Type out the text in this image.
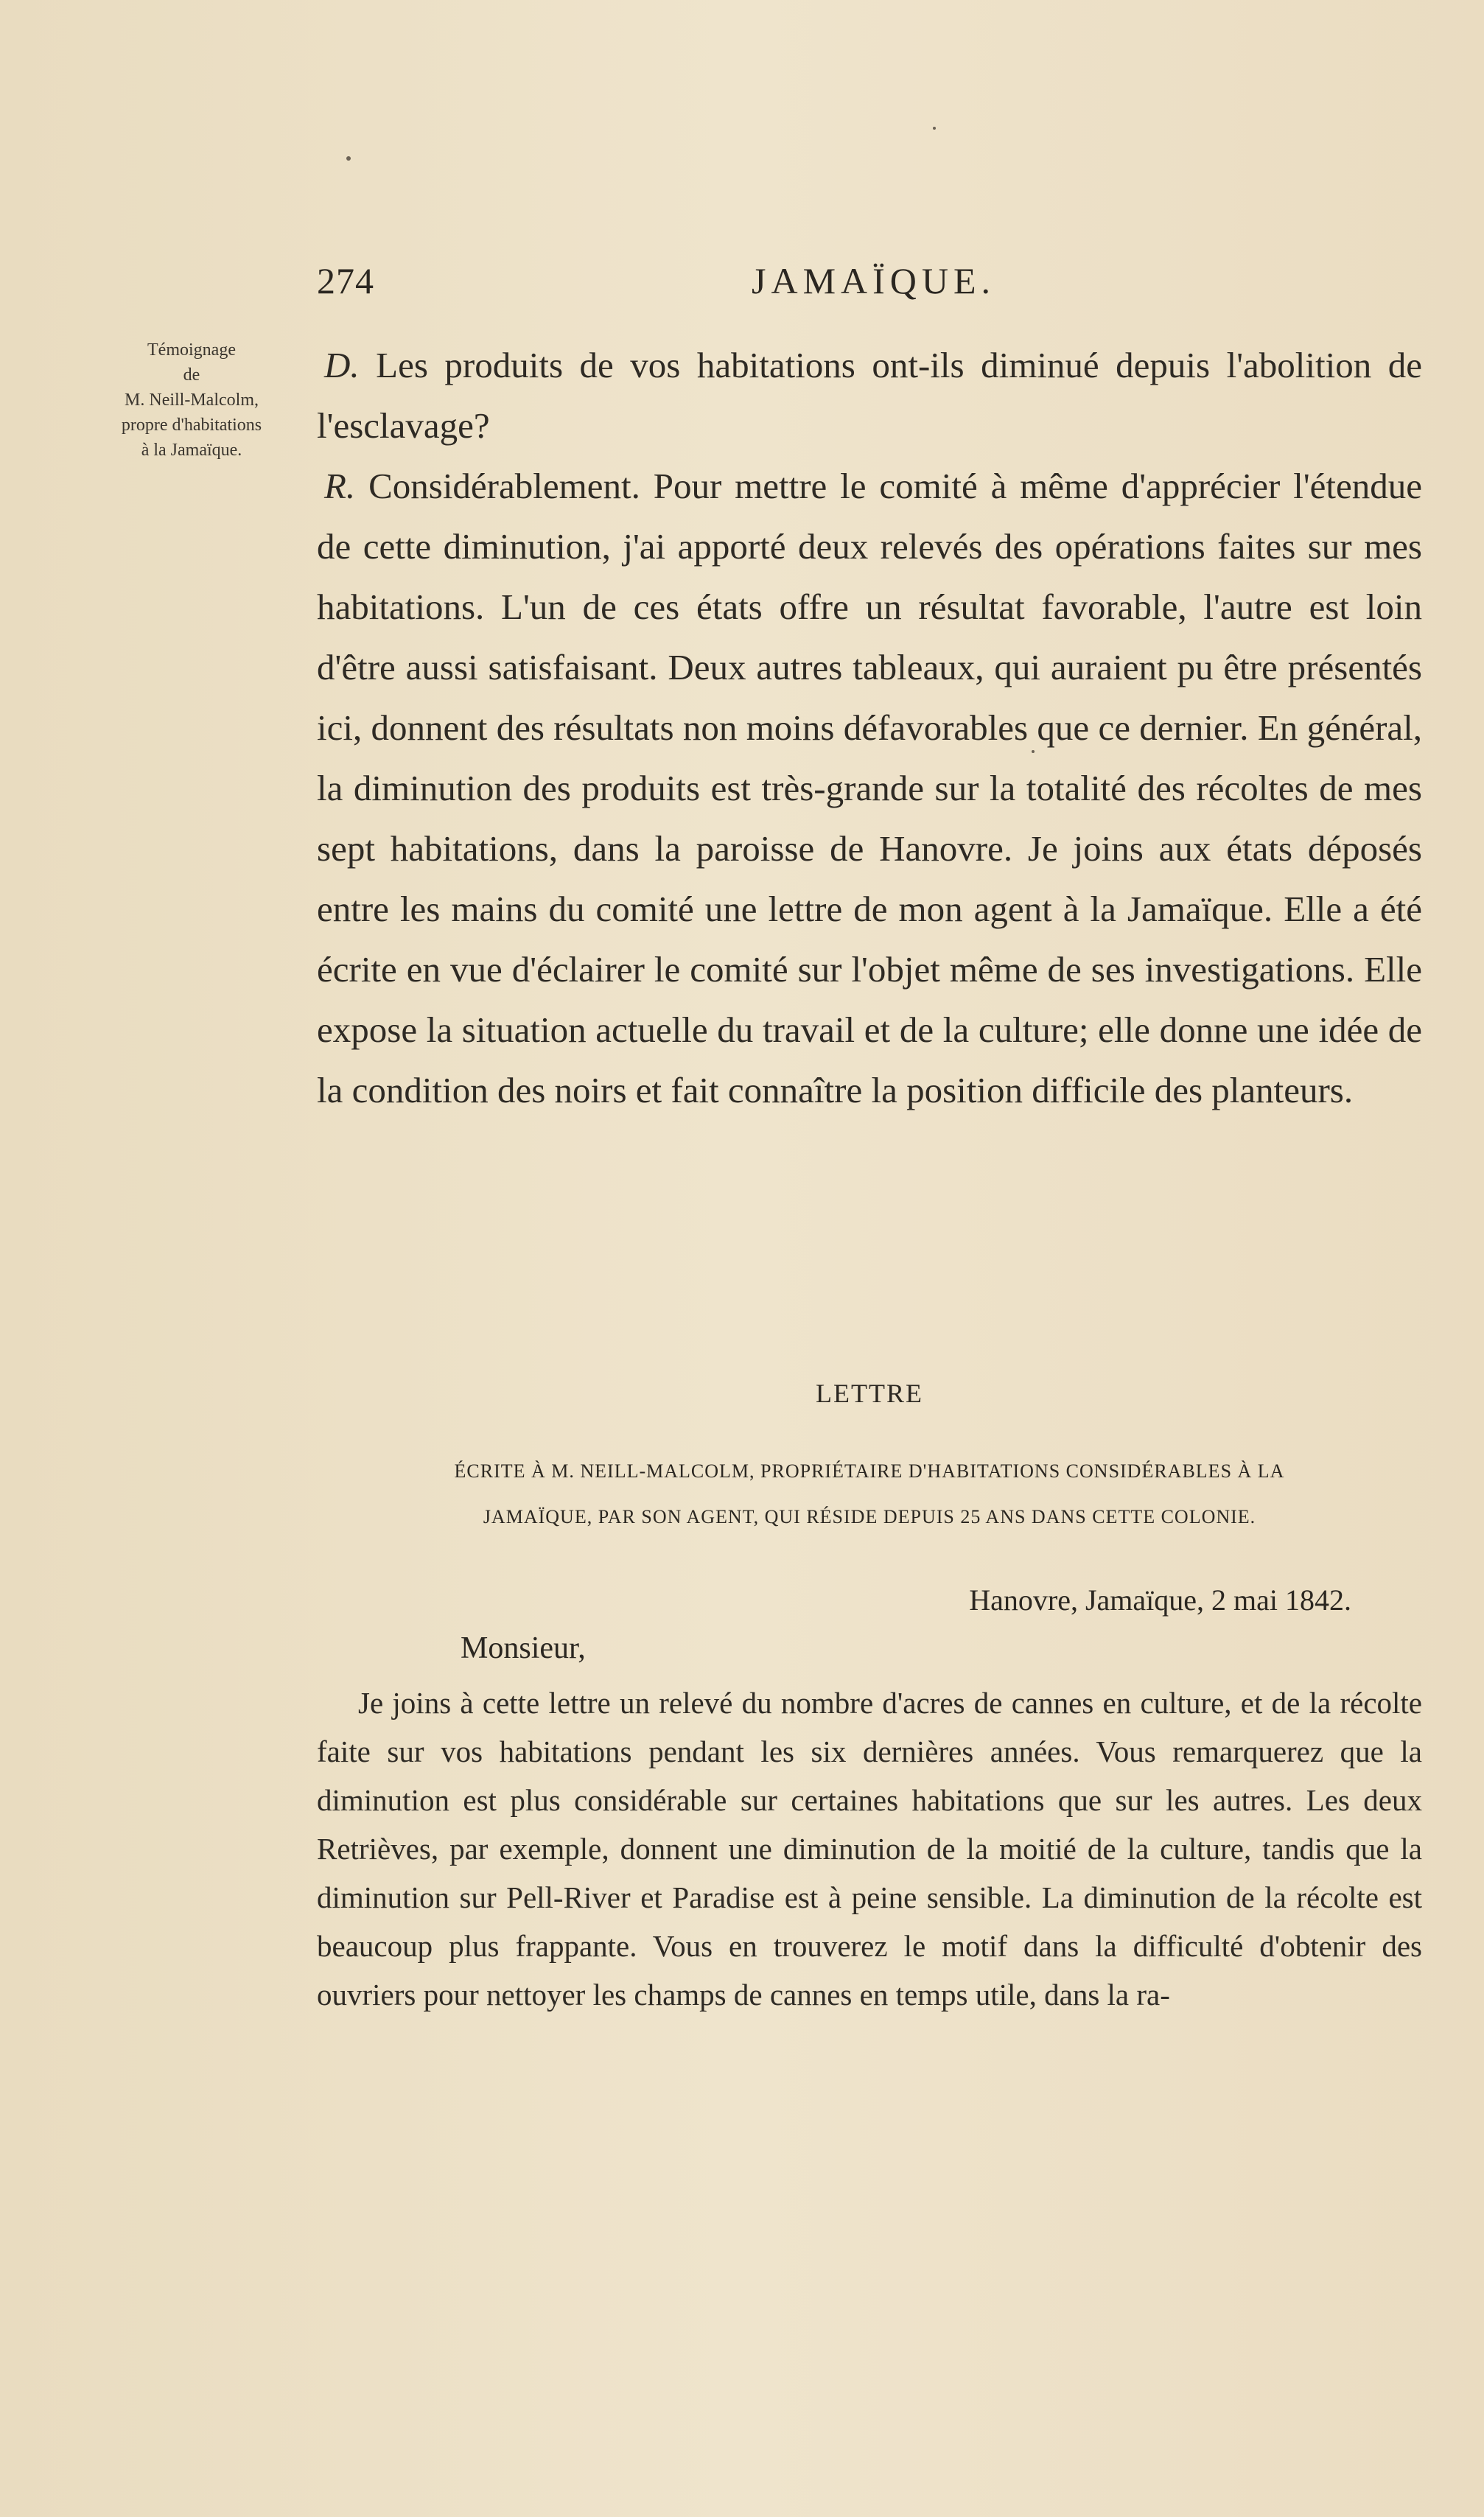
274	JAMAÏQUE.
Témoignage
de
M. Neill-Malcolm,
propre d'habitations
à la Jamaïque.

D. Les produits de vos habitations ont-ils diminué depuis l'abolition de l'esclavage?

R. Considérablement. Pour mettre le comité à même d'apprécier l'étendue de cette diminution, j'ai apporté deux relevés des opérations faites sur mes habitations. L'un de ces états offre un résultat favorable, l'autre est loin d'être aussi satisfaisant. Deux autres tableaux, qui auraient pu être présentés ici, donnent des résultats non moins défavorables que ce dernier. En général, la diminution des produits est très-grande sur la totalité des récoltes de mes sept habitations, dans la paroisse de Hanovre. Je joins aux états déposés entre les mains du comité une lettre de mon agent à la Jamaïque. Elle a été écrite en vue d'éclairer le comité sur l'objet même de ses investigations. Elle expose la situation actuelle du travail et de la culture; elle donne une idée de la condition des noirs et fait connaître la position difficile des planteurs.

LETTRE
ÉCRITE À M. NEILL-MALCOLM, PROPRIÉTAIRE D'HABITATIONS CONSIDÉRABLES À LA
JAMAÏQUE, PAR SON AGENT, QUI RÉSIDE DEPUIS 25 ANS DANS CETTE COLONIE.
Hanovre, Jamaïque, 2 mai 1842.
Monsieur,

Je joins à cette lettre un relevé du nombre d'acres de cannes en culture, et de la récolte faite sur vos habitations pendant les six dernières années. Vous remarquerez que la diminution est plus considérable sur certaines habitations que sur les autres. Les deux Retrièves, par exemple, donnent une diminution de la moitié de la culture, tandis que la diminution sur Pell-River et Paradise est à peine sensible. La diminution de la récolte est beaucoup plus frappante. Vous en trouverez le motif dans la difficulté d'obtenir des ouvriers pour nettoyer les champs de cannes en temps utile, dans la ra-
